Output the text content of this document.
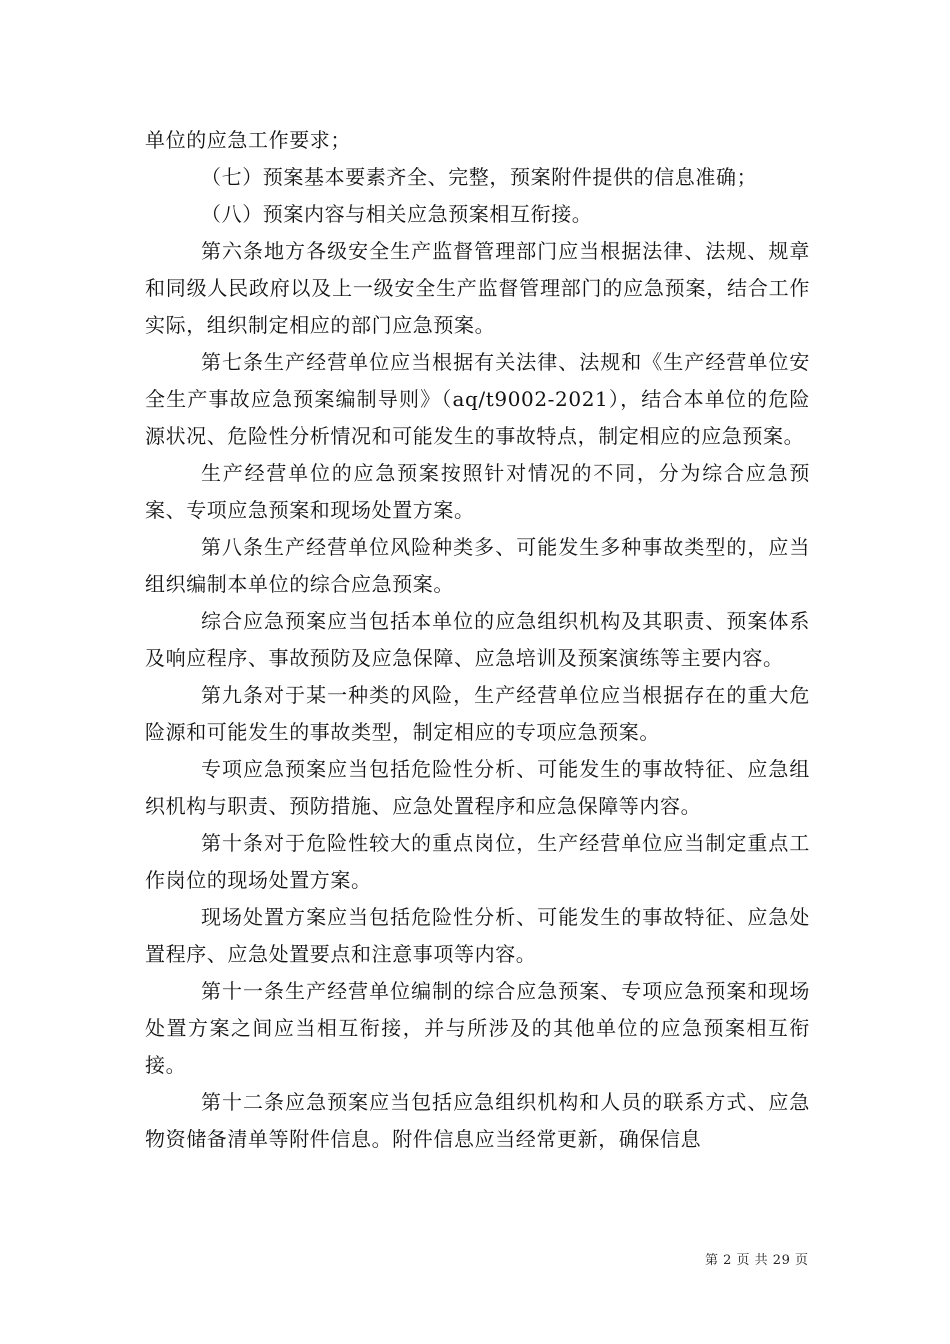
单位的应急工作要求；

（七）预案基本要素齐全、完整，预案附件提供的信息准确；

（八）预案内容与相关应急预案相互衔接。

第六条地方各级安全生产监督管理部门应当根据法律、法规、规章和同级人民政府以及上一级安全生产监督管理部门的应急预案，结合工作实际，组织制定相应的部门应急预案。

第七条生产经营单位应当根据有关法律、法规和《生产经营单位安全生产事故应急预案编制导则》（aq/t9002-2021），结合本单位的危险源状况、危险性分析情况和可能发生的事故特点，制定相应的应急预案。

生产经营单位的应急预案按照针对情况的不同，分为综合应急预案、专项应急预案和现场处置方案。

第八条生产经营单位风险种类多、可能发生多种事故类型的，应当组织编制本单位的综合应急预案。

综合应急预案应当包括本单位的应急组织机构及其职责、预案体系及响应程序、事故预防及应急保障、应急培训及预案演练等主要内容。

第九条对于某一种类的风险，生产经营单位应当根据存在的重大危险源和可能发生的事故类型，制定相应的专项应急预案。

专项应急预案应当包括危险性分析、可能发生的事故特征、应急组织机构与职责、预防措施、应急处置程序和应急保障等内容。

第十条对于危险性较大的重点岗位，生产经营单位应当制定重点工作岗位的现场处置方案。

现场处置方案应当包括危险性分析、可能发生的事故特征、应急处置程序、应急处置要点和注意事项等内容。

第十一条生产经营单位编制的综合应急预案、专项应急预案和现场处置方案之间应当相互衔接，并与所涉及的其他单位的应急预案相互衔接。

第十二条应急预案应当包括应急组织机构和人员的联系方式、应急物资储备清单等附件信息。附件信息应当经常更新，确保信息

第 2 页 共 29 页
